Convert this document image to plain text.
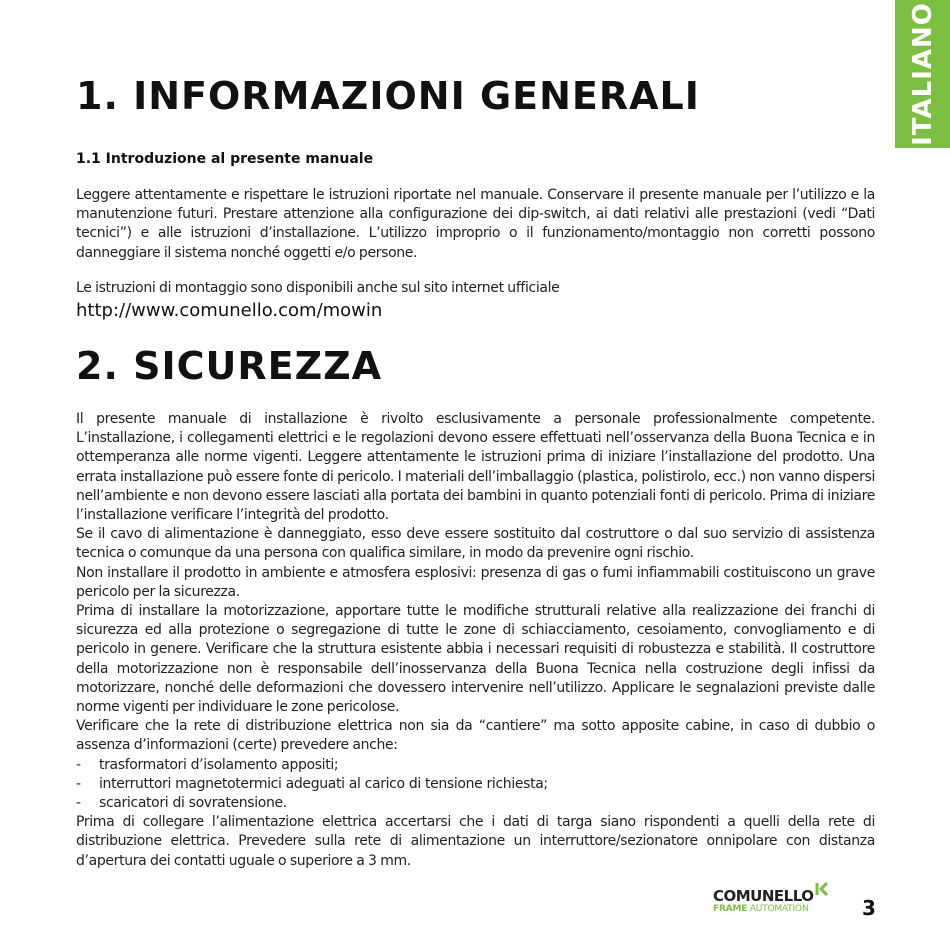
ITALIANO
1. INFORMAZIONI GENERALI
1.1 Introduzione al presente manuale

Leggere attentamente e rispettare le istruzioni riportate nel manuale. Conservare il presente manuale per l’utilizzo e la manutenzione futuri. Prestare attenzione alla configurazione dei dip-switch, ai dati relativi alle prestazioni (vedi “Dati tecnici”) e alle istruzioni d’installazione. L’utilizzo improprio o il funzionamento/montaggio non corretti possono danneggiare il sistema nonché oggetti e/o persone.

Le istruzioni di montaggio sono disponibili anche sul sito internet ufficiale

http://www.comunello.com/mowin
2. SICUREZZA

Il presente manuale di installazione è rivolto esclusivamente a personale professionalmente competente. L’installazione, i collegamenti elettrici e le regolazioni devono essere effettuati nell’osservanza della Buona Tecnica e in ottemperanza alle norme vigenti. Leggere attentamente le istruzioni prima di iniziare l’installazione del prodotto. Una errata installazione può essere fonte di pericolo. I materiali dell’imballaggio (plastica, polistirolo, ecc.) non vanno dispersi nell’ambiente e non devono essere lasciati alla portata dei bambini in quanto potenziali fonti di pericolo. Prima di iniziare l’installazione verificare l’integrità del prodotto.

Se il cavo di alimentazione è danneggiato, esso deve essere sostituito dal costruttore o dal suo servizio di assistenza tecnica o comunque da una persona con qualifica similare, in modo da prevenire ogni rischio.

Non installare il prodotto in ambiente e atmosfera esplosivi: presenza di gas o fumi infiammabili costituiscono un grave pericolo per la sicurezza.

Prima di installare la motorizzazione, apportare tutte le modifiche strutturali relative alla realizzazione dei franchi di sicurezza ed alla protezione o segregazione di tutte le zone di schiacciamento, cesoiamento, convogliamento e di pericolo in genere. Verificare che la struttura esistente abbia i necessari requisiti di robustezza e stabilità. Il costruttore della motorizzazione non è responsabile dell’inosservanza della Buona Tecnica nella costruzione degli infissi da motorizzare, nonché delle deformazioni che dovessero intervenire nell’utilizzo. Applicare le segnalazioni previste dalle norme vigenti per individuare le zone pericolose.

Verificare che la rete di distribuzione elettrica non sia da “cantiere” ma sotto apposite cabine, in caso di dubbio o assenza d’informazioni (certe) prevedere anche:

- trasformatori d’isolamento appositi;
- interruttori magnetotermici adeguati al carico di tensione richiesta;
- scaricatori di sovratensione.

Prima di collegare l’alimentazione elettrica accertarsi che i dati di targa siano rispondenti a quelli della rete di distribuzione elettrica. Prevedere sulla rete di alimentazione un interruttore/sezionatore onnipolare con distanza d’apertura dei contatti uguale o superiore a 3 mm.

COMUNELLO
FRAME AUTOMATION	3
